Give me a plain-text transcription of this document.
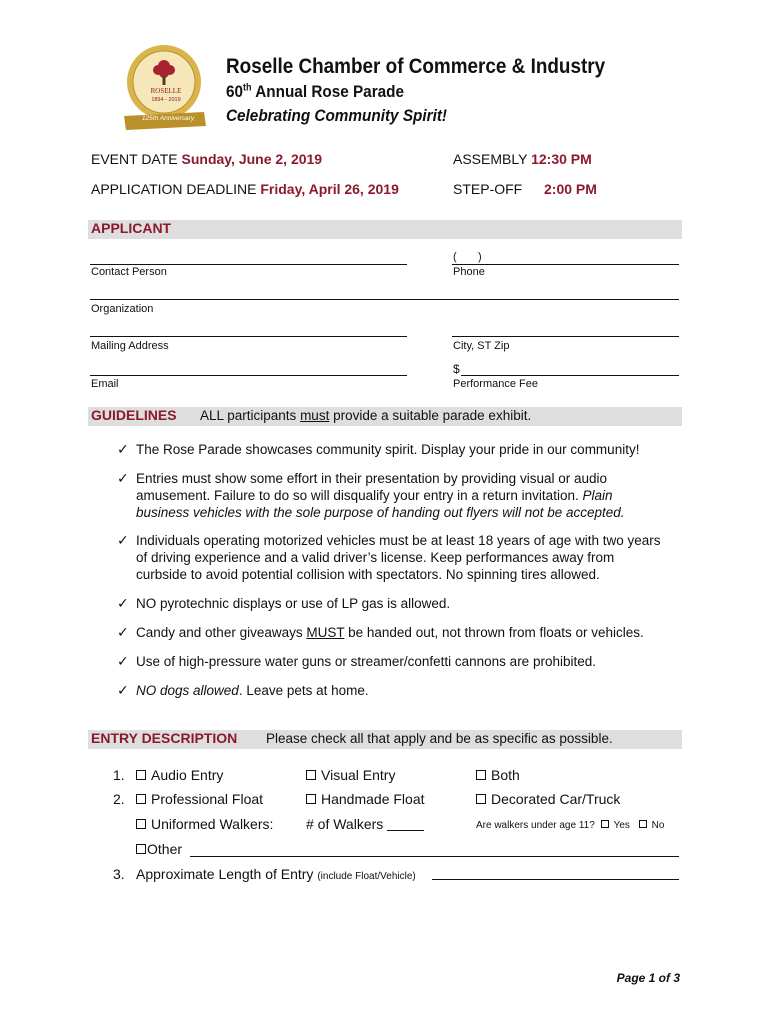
ROSELLE
1894 - 2019
125th Anniversary
Roselle Chamber of Commerce & Industry
60th Annual Rose Parade
Celebrating Community Spirit!
EVENT DATE Sunday, June 2, 2019	ASSEMBLY 12:30 PM
APPLICATION DEADLINE Friday, April 26, 2019	STEP-OFF 2:00 PM
APPLICANT
(       )
Contact Person	Phone
Organization
Mailing Address	City, ST Zip
$
Email	Performance Fee
GUIDELINES ALL participants must provide a suitable parade exhibit.
✓ The Rose Parade showcases community spirit. Display your pride in our community!
✓ Entries must show some effort in their presentation by providing visual or audio
amusement. Failure to do so will disqualify your entry in a return invitation. Plain
business vehicles with the sole purpose of handing out flyers will not be accepted.
✓ Individuals operating motorized vehicles must be at least 18 years of age with two years
of driving experience and a valid driver’s license. Keep performances away from
curbside to avoid potential collision with spectators. No spinning tires allowed.
✓ NO pyrotechnic displays or use of LP gas is allowed.
✓ Candy and other giveaways MUST be handed out, not thrown from floats or vehicles.
✓ Use of high-pressure water guns or streamer/confetti cannons are prohibited.
✓ NO dogs allowed. Leave pets at home.
ENTRY DESCRIPTION Please check all that apply and be as specific as possible.
1.	Audio Entry	Visual Entry	Both
2.	Professional Float	Handmade Float	Decorated Car/Truck
Uniformed Walkers: # of Walkers	Are walkers under age 11? Yes No
Other
3. Approximate Length of Entry (include Float/Vehicle)
Page 1 of 3
